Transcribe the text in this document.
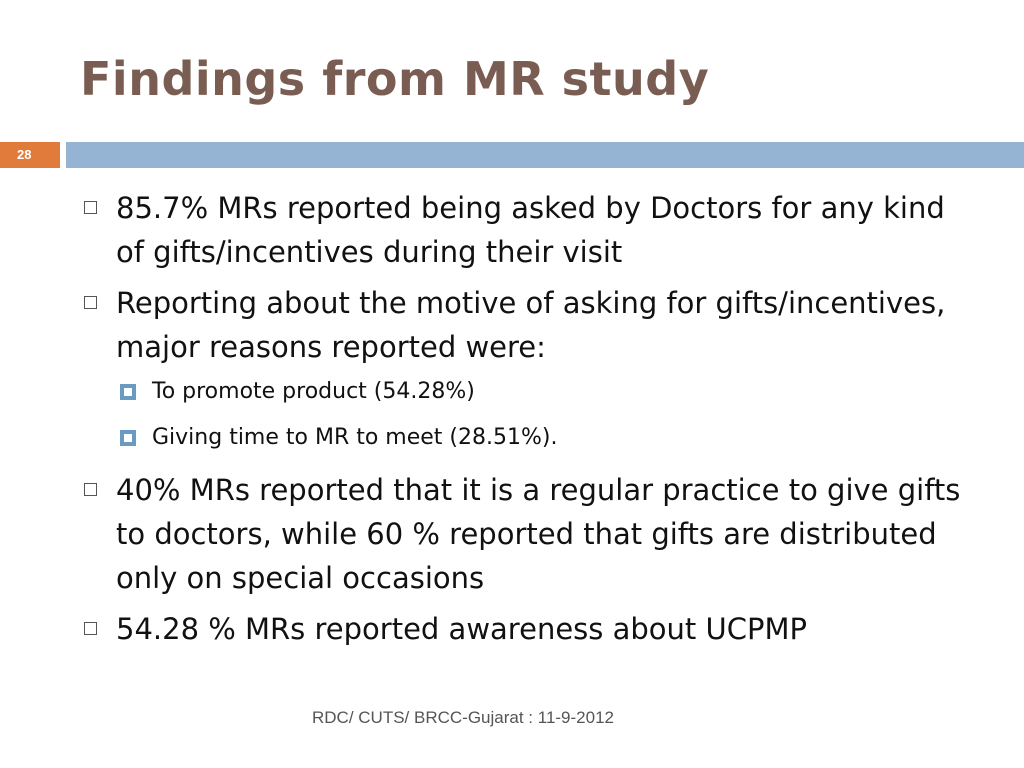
Findings from MR study
28
85.7% MRs reported being asked by Doctors for any kind of gifts/incentives during their visit
Reporting about the motive of asking for gifts/incentives, major reasons reported were:
To promote product (54.28%)
Giving time to MR to meet (28.51%).
40% MRs reported that it is a regular practice to give gifts to doctors, while 60 % reported that gifts are distributed only on special occasions
54.28 % MRs reported awareness about UCPMP
RDC/ CUTS/ BRCC-Gujarat : 11-9-2012
